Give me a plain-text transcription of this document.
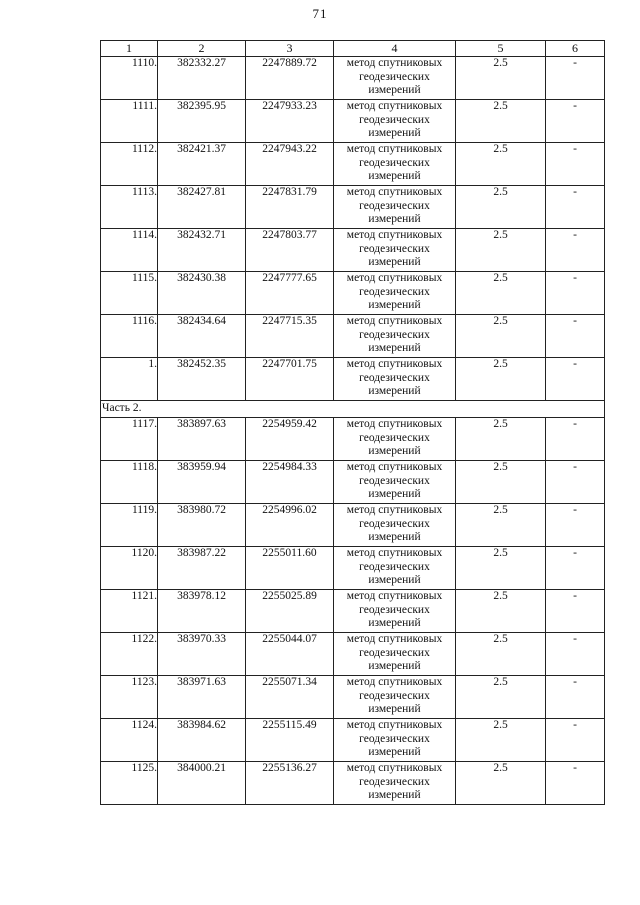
71
1	2	3	4	5	6
1110.	382332.27	2247889.72	метод спутниковых геодезических измерений	2.5	-
1111.	382395.95	2247933.23	метод спутниковых геодезических измерений	2.5	-
1112.	382421.37	2247943.22	метод спутниковых геодезических измерений	2.5	-
1113.	382427.81	2247831.79	метод спутниковых геодезических измерений	2.5	-
1114.	382432.71	2247803.77	метод спутниковых геодезических измерений	2.5	-
1115.	382430.38	2247777.65	метод спутниковых геодезических измерений	2.5	-
1116.	382434.64	2247715.35	метод спутниковых геодезических измерений	2.5	-
1.	382452.35	2247701.75	метод спутниковых геодезических измерений	2.5	-
Часть 2.					
1117.	383897.63	2254959.42	метод спутниковых геодезических измерений	2.5	-
1118.	383959.94	2254984.33	метод спутниковых геодезических измерений	2.5	-
1119.	383980.72	2254996.02	метод спутниковых геодезических измерений	2.5	-
1120.	383987.22	2255011.60	метод спутниковых геодезических измерений	2.5	-
1121.	383978.12	2255025.89	метод спутниковых геодезических измерений	2.5	-
1122.	383970.33	2255044.07	метод спутниковых геодезических измерений	2.5	-
1123.	383971.63	2255071.34	метод спутниковых геодезических измерений	2.5	-
1124.	383984.62	2255115.49	метод спутниковых геодезических измерений	2.5	-
1125.	384000.21	2255136.27	метод спутниковых геодезических измерений	2.5	-
